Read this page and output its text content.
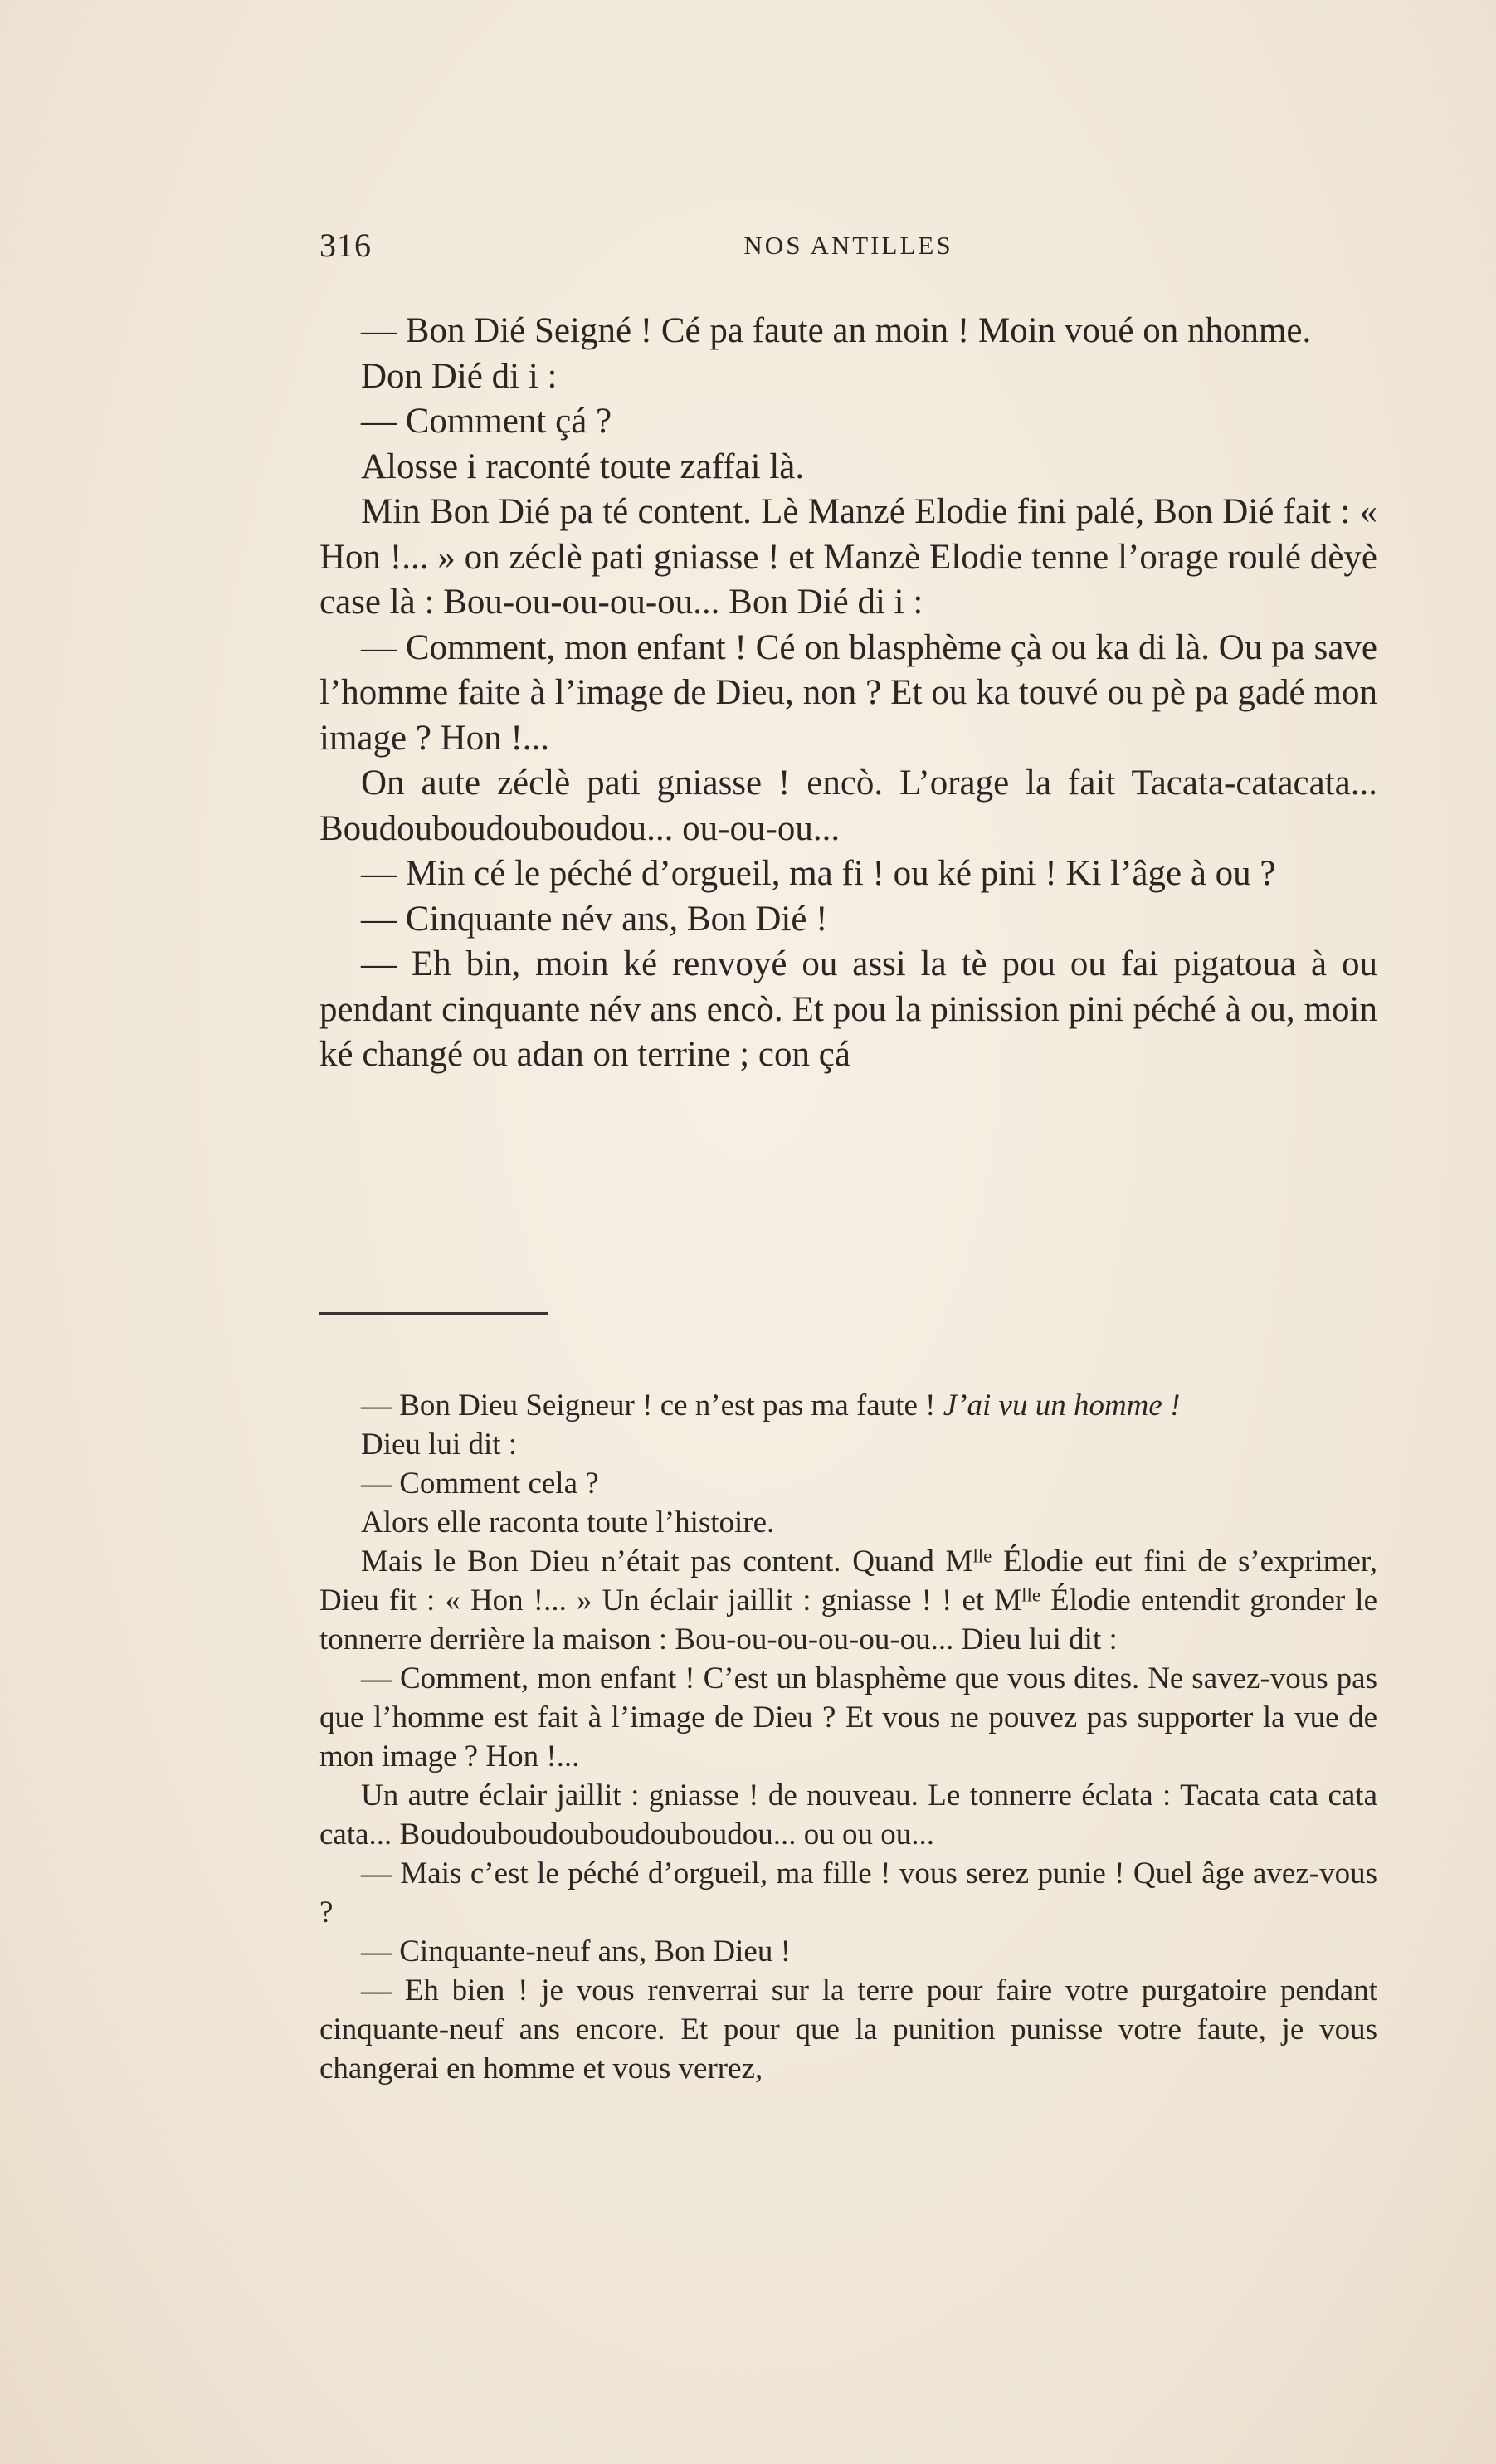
316	NOS ANTILLES

— Bon Dié Seigné ! Cé pa faute an moin ! Moin voué on nhonme.

Don Dié di i :

— Comment çá ?

Alosse i raconté toute zaffai là.

Min Bon Dié pa té content. Lè Manzé Elodie fini palé, Bon Dié fait : « Hon !... » on zéclè pati gniasse ! et Manzè Elodie tenne l’orage roulé dèyè case là : Bou-ou-ou-ou-ou... Bon Dié di i :

— Comment, mon enfant ! Cé on blasphème çà ou ka di là. Ou pa save l’homme faite à l’image de Dieu, non ? Et ou ka touvé ou pè pa gadé mon image ? Hon !...

On aute zéclè pati gniasse ! encò. L’orage la fait Tacata-catacata... Boudouboudouboudou... ou-ou-ou...

— Min cé le péché d’orgueil, ma fi ! ou ké pini ! Ki l’âge à ou ?

— Cinquante név ans, Bon Dié !

— Eh bin, moin ké renvoyé ou assi la tè pou ou fai pigatoua à ou pendant cinquante név ans encò. Et pou la pinission pini péché à ou, moin ké changé ou adan on terrine ; con çá

— Bon Dieu Seigneur ! ce n’est pas ma faute ! J’ai vu un homme !

Dieu lui dit :

— Comment cela ?

Alors elle raconta toute l’histoire.

Mais le Bon Dieu n’était pas content. Quand $M^{lle}$ Élodie eut fini de s’exprimer, Dieu fit : « Hon !... » Un éclair jaillit : gniasse ! ! et $M^{lle}$ Élodie entendit gronder le tonnerre derrière la maison : Bou-ou-ou-ou-ou-ou... Dieu lui dit :

— Comment, mon enfant ! C’est un blasphème que vous dites. Ne savez-vous pas que l’homme est fait à l’image de Dieu ? Et vous ne pouvez pas supporter la vue de mon image ? Hon !...

Un autre éclair jaillit : gniasse ! de nouveau. Le tonnerre éclata : Tacata cata cata cata... Boudouboudouboudouboudou... ou ou ou...

— Mais c’est le péché d’orgueil, ma fille ! vous serez punie ! Quel âge avez-vous ?

— Cinquante-neuf ans, Bon Dieu !

— Eh bien ! je vous renverrai sur la terre pour faire votre purgatoire pendant cinquante-neuf ans encore. Et pour que la punition punisse votre faute, je vous changerai en homme et vous verrez,
